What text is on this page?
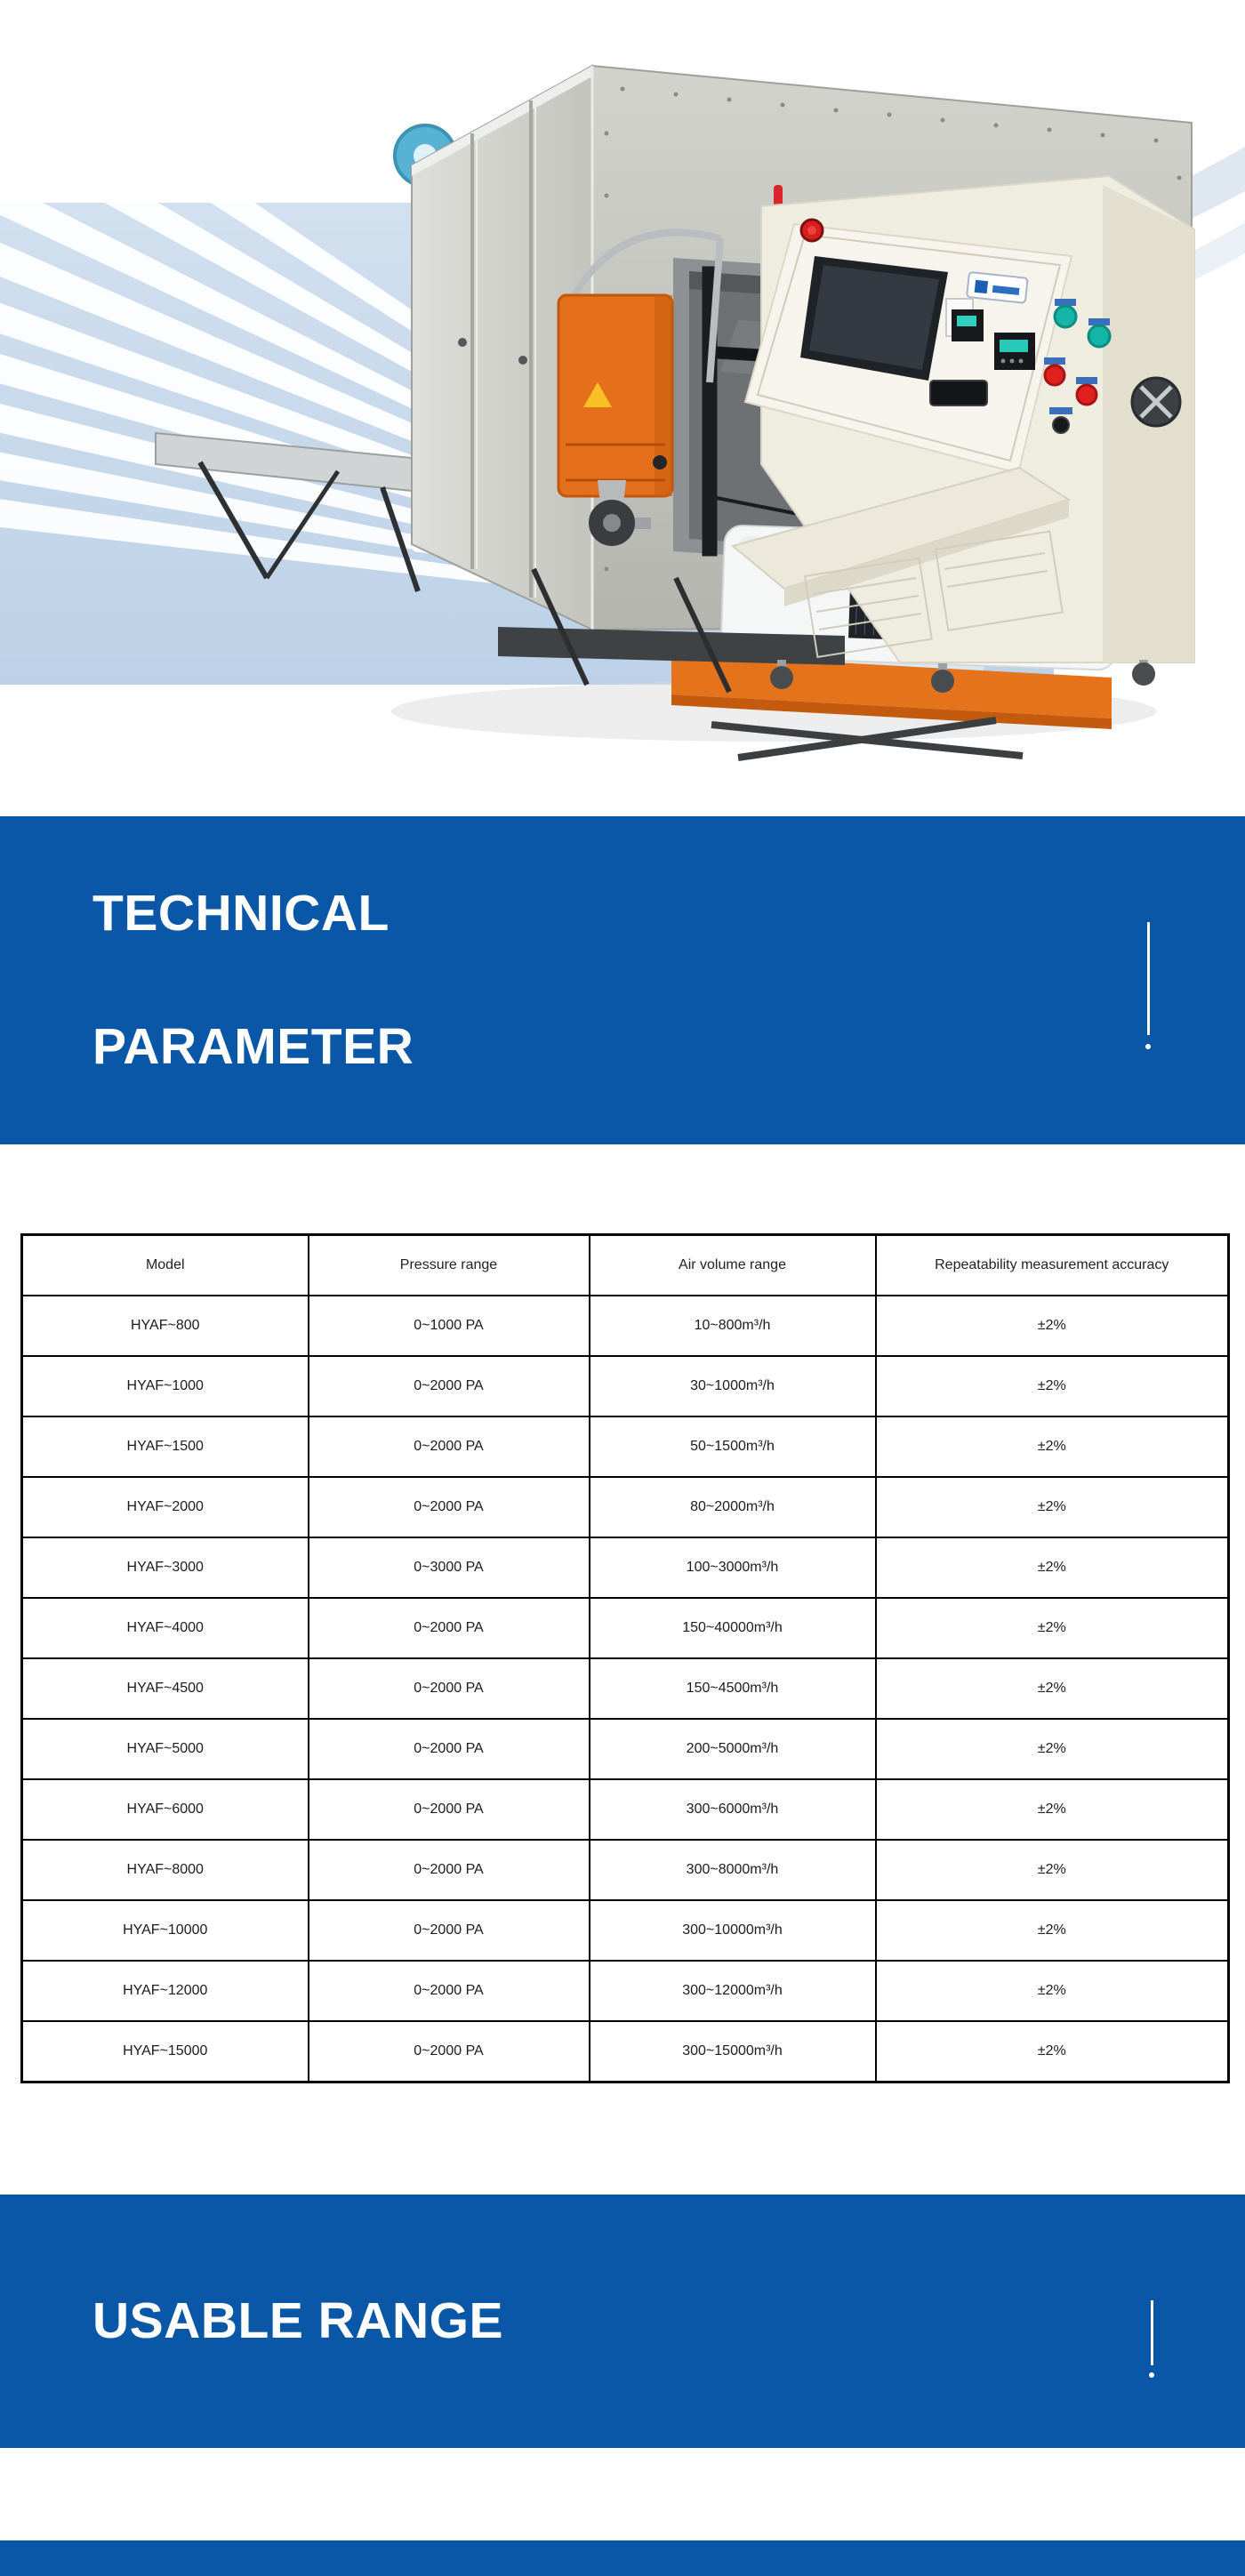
TECHNICAL

PARAMETER

Model	Pressure range	Air volume range	Repeatability measurement accuracy
HYAF~800	0~1000 PA	10~800m³/h	±2%
HYAF~1000	0~2000 PA	30~1000m³/h	±2%
HYAF~1500	0~2000 PA	50~1500m³/h	±2%
HYAF~2000	0~2000 PA	80~2000m³/h	±2%
HYAF~3000	0~3000 PA	100~3000m³/h	±2%
HYAF~4000	0~2000 PA	150~40000m³/h	±2%
HYAF~4500	0~2000 PA	150~4500m³/h	±2%
HYAF~5000	0~2000 PA	200~5000m³/h	±2%
HYAF~6000	0~2000 PA	300~6000m³/h	±2%
HYAF~8000	0~2000 PA	300~8000m³/h	±2%
HYAF~10000	0~2000 PA	300~10000m³/h	±2%
HYAF~12000	0~2000 PA	300~12000m³/h	±2%
HYAF~15000	0~2000 PA	300~15000m³/h	±2%
USABLE RANGE
